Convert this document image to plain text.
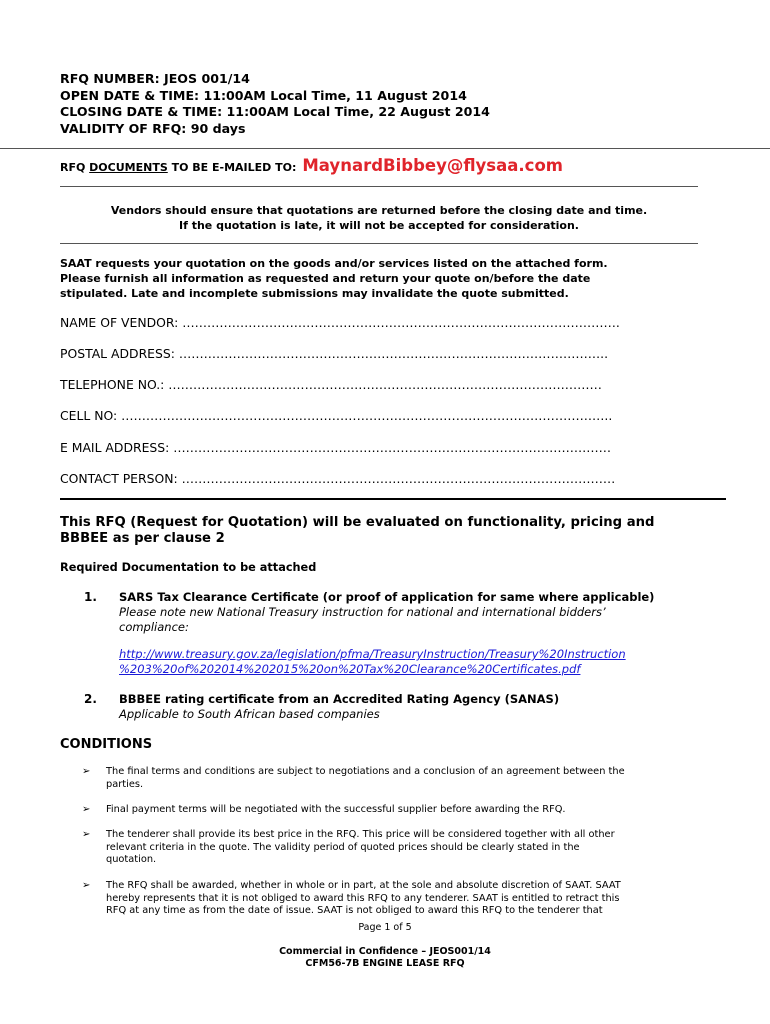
RFQ NUMBER: JEOS 001/14
OPEN DATE & TIME: 11:00AM Local Time, 11 August 2014
CLOSING DATE & TIME: 11:00AM Local Time, 22 August 2014
VALIDITY OF RFQ: 90 days
RFQ DOCUMENTS TO BE E-MAILED TO: MaynardBibbey@flysaa.com
Vendors should ensure that quotations are returned before the closing date and time.
If the quotation is late, it will not be accepted for consideration.
SAAT requests your quotation on the goods and/or services listed on the attached form.
Please furnish all information as requested and return your quote on/before the date
stipulated. Late and incomplete submissions may invalidate the quote submitted.
NAME OF VENDOR: …………………………………………………………………………………………….
POSTAL ADDRESS: …………………………………………………………………………………………..
TELEPHONE NO.: ……………………………………………………………………………………………
CELL NO: ………………………………………………………………………………………………………..
E MAIL ADDRESS: …………………………………………………………………………………………….
CONTACT PERSON: ……………………………………………………………………………………………
This RFQ (Request for Quotation) will be evaluated on functionality, pricing and
BBBEE as per clause 2
Required Documentation to be attached
1. SARS Tax Clearance Certificate (or proof of application for same where applicable)
Please note new National Treasury instruction for national and international bidders’
compliance:
http://www.treasury.gov.za/legislation/pfma/TreasuryInstruction/Treasury%20Instruction
%203%20of%202014%202015%20on%20Tax%20Clearance%20Certificates.pdf
2. BBBEE rating certificate from an Accredited Rating Agency (SANAS)
Applicable to South African based companies
CONDITIONS
➢ The final terms and conditions are subject to negotiations and a conclusion of an agreement between the
parties.
➢ Final payment terms will be negotiated with the successful supplier before awarding the RFQ.
➢ The tenderer shall provide its best price in the RFQ. This price will be considered together with all other
relevant criteria in the quote. The validity period of quoted prices should be clearly stated in the
quotation.
➢ The RFQ shall be awarded, whether in whole or in part, at the sole and absolute discretion of SAAT. SAAT
hereby represents that it is not obliged to award this RFQ to any tenderer. SAAT is entitled to retract this
RFQ at any time as from the date of issue. SAAT is not obliged to award this RFQ to the tenderer that
Page 1 of 5
Commercial in Confidence – JEOS001/14
CFM56-7B ENGINE LEASE RFQ
